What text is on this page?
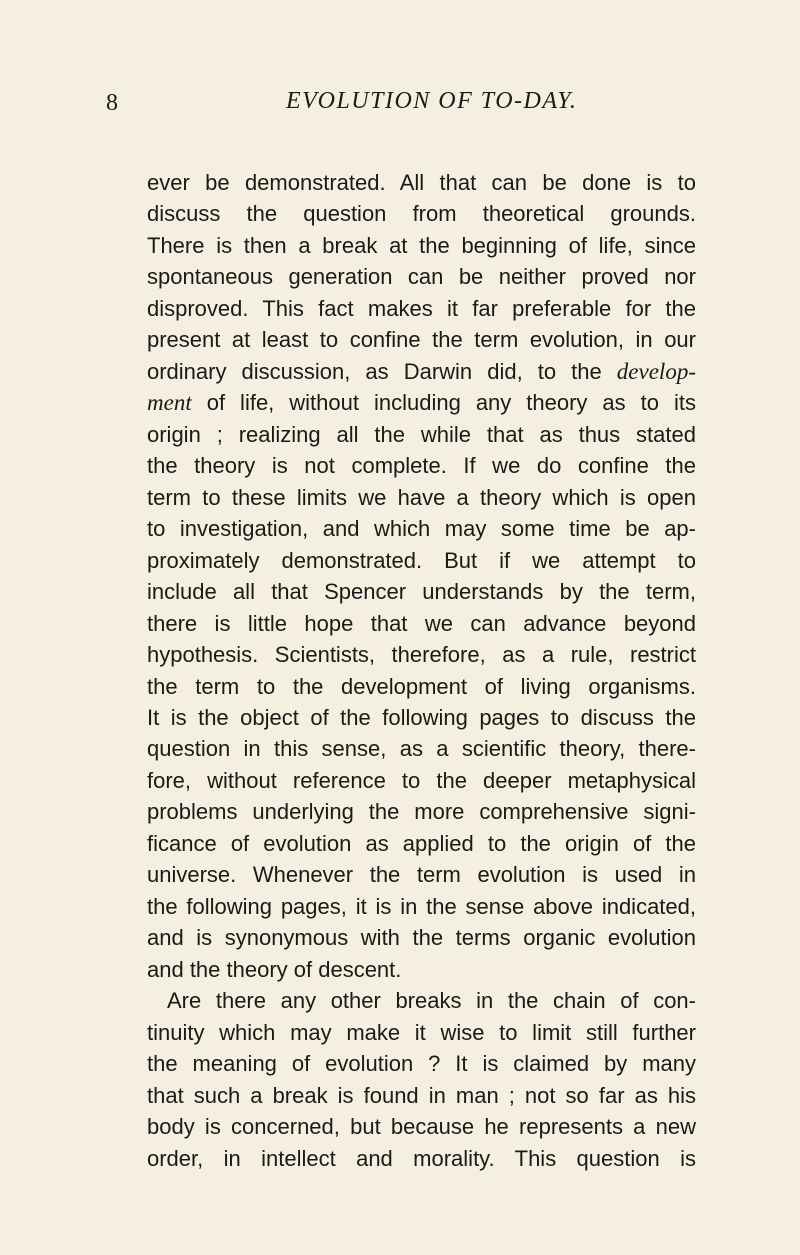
8	EVOLUTION OF TO-DAY.
ever be demonstrated. All that can be done is to
discuss the question from theoretical grounds.
There is then a break at the beginning of life, since
spontaneous generation can be neither proved nor
disproved. This fact makes it far preferable for the
present at least to confine the term evolution, in our
ordinary discussion, as Darwin did, to the develop-
ment of life, without including any theory as to its
origin ; realizing all the while that as thus stated
the theory is not complete. If we do confine the
term to these limits we have a theory which is open
to investigation, and which may some time be ap-
proximately demonstrated. But if we attempt to
include all that Spencer understands by the term,
there is little hope that we can advance beyond
hypothesis. Scientists, therefore, as a rule, restrict
the term to the development of living organisms.
It is the object of the following pages to discuss the
question in this sense, as a scientific theory, there-
fore, without reference to the deeper metaphysical
problems underlying the more comprehensive signi-
ficance of evolution as applied to the origin of the
universe. Whenever the term evolution is used in
the following pages, it is in the sense above indicated,
and is synonymous with the terms organic evolution
and the theory of descent.
Are there any other breaks in the chain of con-
tinuity which may make it wise to limit still further
the meaning of evolution ? It is claimed by many
that such a break is found in man ; not so far as his
body is concerned, but because he represents a new
order, in intellect and morality. This question is
